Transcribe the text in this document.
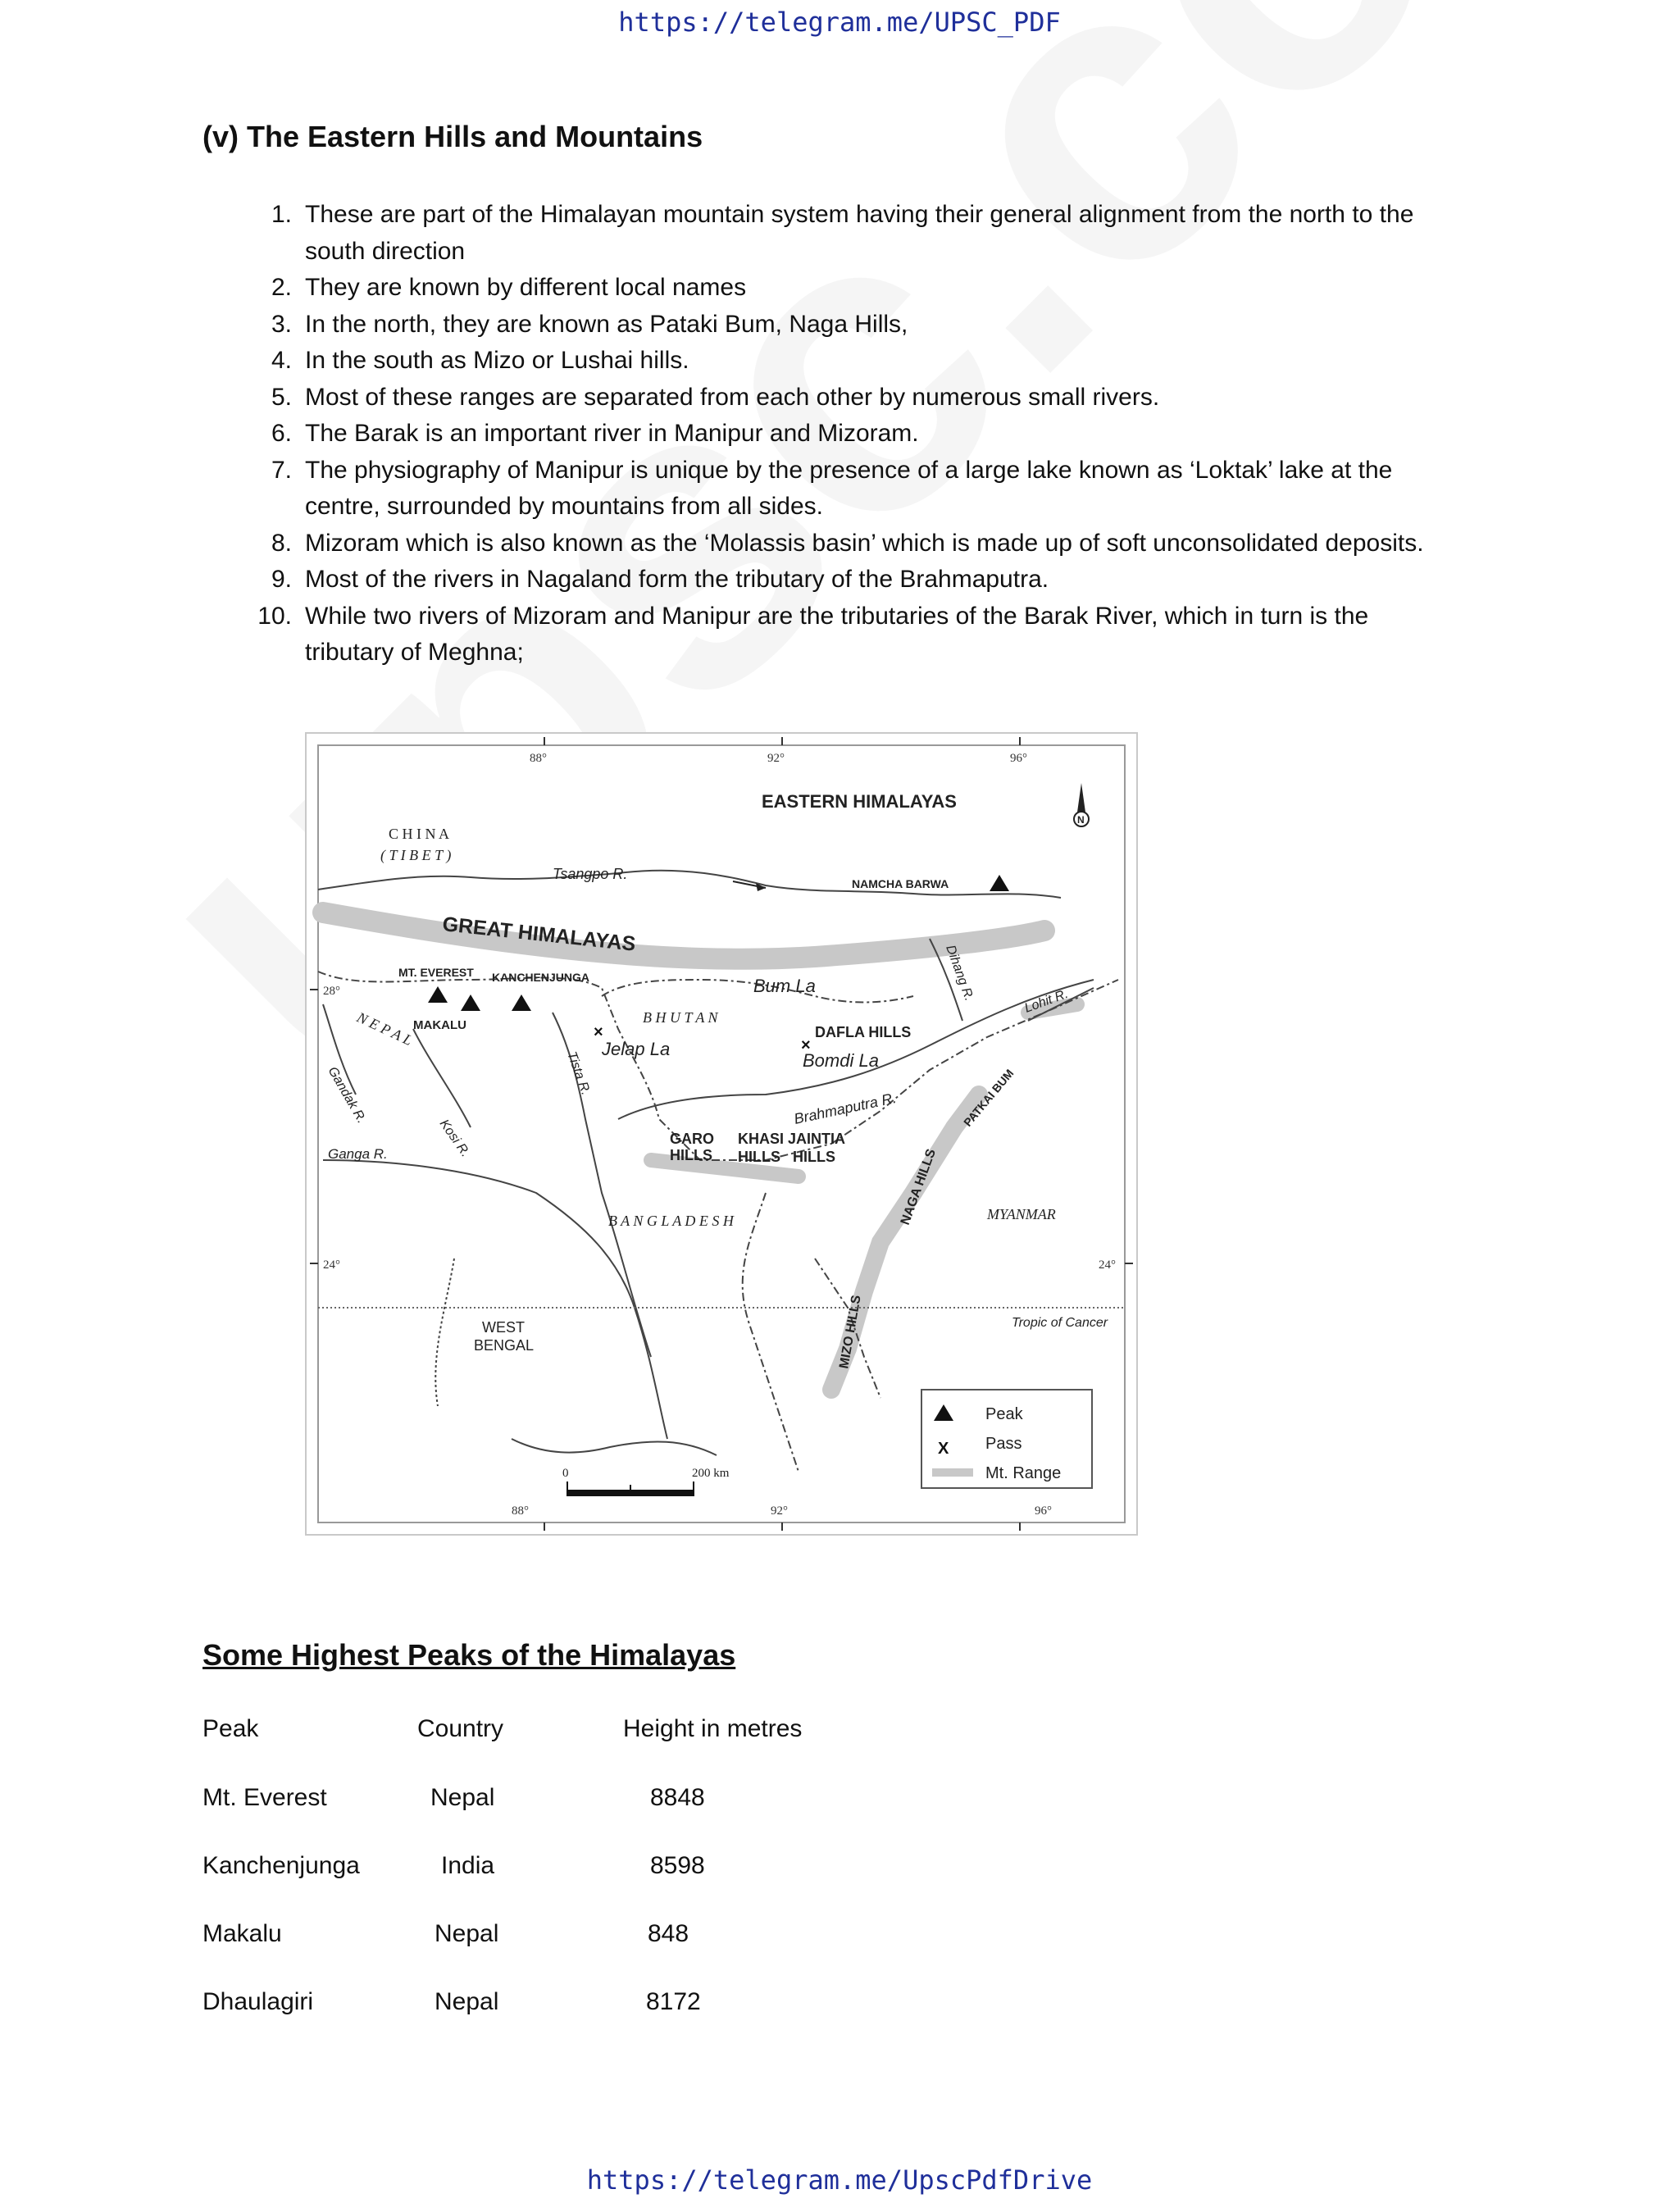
https://telegram.me/UPSC_PDF
(v) The Eastern Hills and Mountains
1. These are part of the Himalayan mountain system having their general alignment from the north to the south direction
2. They are known by different local names
3. In the north, they are known as Pataki Bum, Naga Hills,
4. In the south as Mizo or Lushai hills.
5. Most of these ranges are separated from each other by numerous small rivers.
6. The Barak is an important river in Manipur and Mizoram.
7. The physiography of Manipur is unique by the presence of a large lake known as ‘Loktak’ lake at the centre, surrounded by mountains from all sides.
8. Mizoram which is also known as the ‘Molassis basin’ which is made up of soft unconsolidated deposits.
9. Most of the rivers in Nagaland form the tributary of the Brahmaputra.
10. While two rivers of Mizoram and Manipur are the tributaries of the Barak River, which in turn is the tributary of Meghna;
88°	92°	96°
88°	92°	96°
28°
24°	24°
×
×
N
EASTERN HIMALAYAS
C H I N A
( T I B E T )
Tsangpo R.
NAMCHA BARWA
GREAT HIMALAYAS
MT. EVEREST KANCHENJUNGA
MAKALU
N E P A L	B H U T A N
Bum La
Jelap La
DAFLA HILLS
Bomdi La
Dihang R.	Lohit R.
PATKAI BUM
Gandak R.
Kosi R.
Tista R.
Ganga R.
Brahmaputra R.
GARO
HILLS
KHASI JAINTIA
HILLS   HILLS
B A N G L A D E S H	NAGA HILLS	MYANMAR
MIZO HILLS	Tropic of Cancer
WEST
BENGAL
0	200 km
X
Peak
Pass
Mt. Range
Some Highest Peaks of the Himalayas
Peak	Country	Height in metres
Mt. Everest	Nepal	8848
Kanchenjunga	India	8598
Makalu	Nepal	848
Dhaulagiri	Nepal	8172
https://telegram.me/UpscPdfDrive
